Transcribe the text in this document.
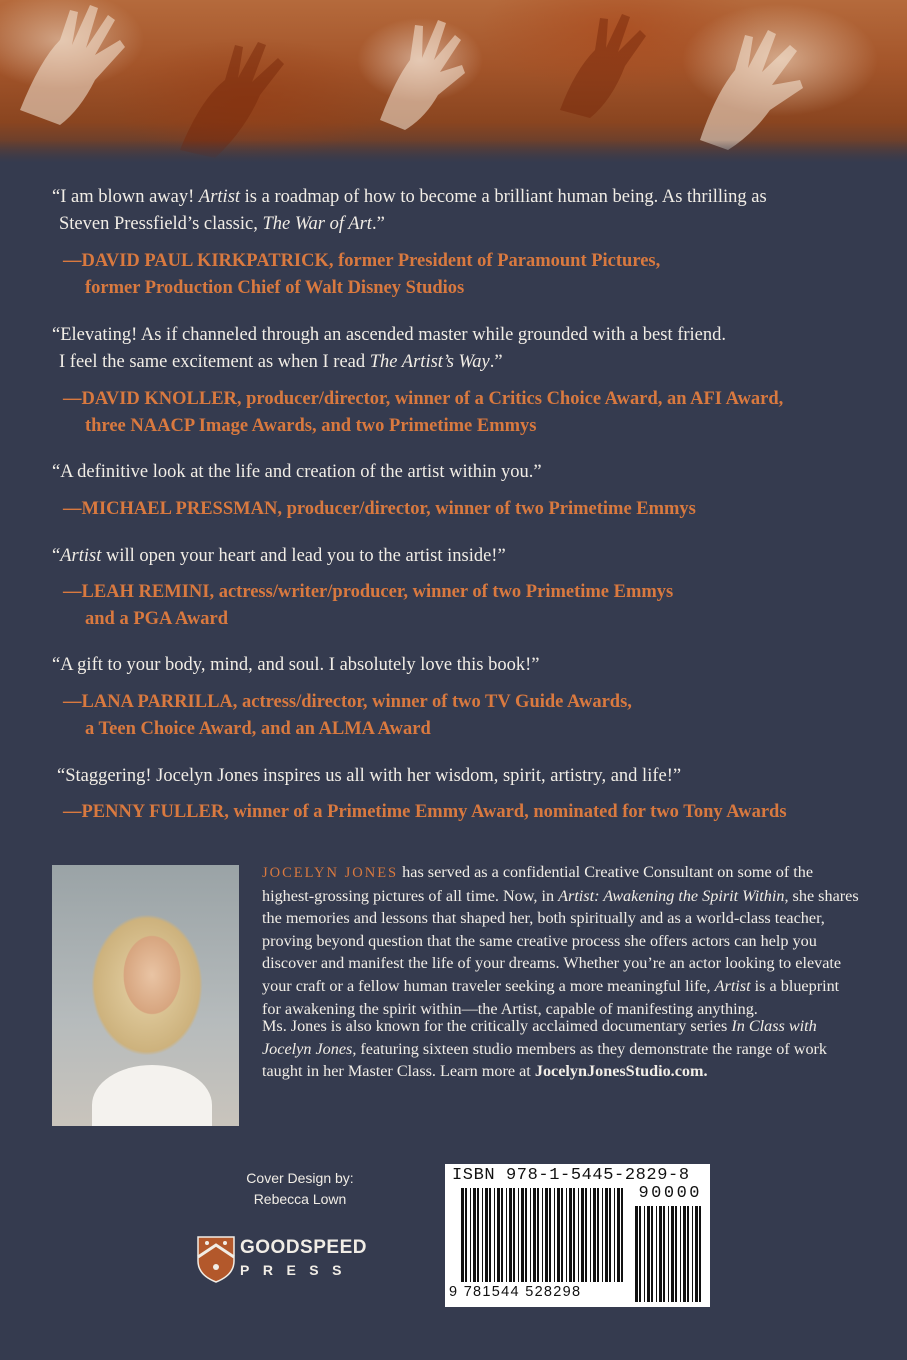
“I am blown away! Artist is a roadmap of how to become a brilliant human being. As thrilling as
Steven Pressfield’s classic, The War of Art.”
—DAVID PAUL KIRKPATRICK, former President of Paramount Pictures,
former Production Chief of Walt Disney Studios
“Elevating! As if channeled through an ascended master while grounded with a best friend.
I feel the same excitement as when I read The Artist’s Way.”
—DAVID KNOLLER, producer/director, winner of a Critics Choice Award, an AFI Award,
three NAACP Image Awards, and two Primetime Emmys
“A definitive look at the life and creation of the artist within you.”
—MICHAEL PRESSMAN, producer/director, winner of two Primetime Emmys
“Artist will open your heart and lead you to the artist inside!”
—LEAH REMINI, actress/writer/producer, winner of two Primetime Emmys
and a PGA Award
“A gift to your body, mind, and soul. I absolutely love this book!”
—LANA PARRILLA, actress/director, winner of two TV Guide Awards,
a Teen Choice Award, and an ALMA Award
“Staggering! Jocelyn Jones inspires us all with her wisdom, spirit, artistry, and life!”
—PENNY FULLER, winner of a Primetime Emmy Award, nominated for two Tony Awards
JOCELYN JONES has served as a confidential Creative Consultant on some of the highest-grossing pictures of all time. Now, in Artist: Awakening the Spirit Within, she shares the memories and lessons that shaped her, both spiritually and as a world-class teacher, proving beyond question that the same creative process she offers actors can help you discover and manifest the life of your dreams. Whether you’re an actor looking to elevate your craft or a fellow human traveler seeking a more meaningful life, Artist is a blueprint for awakening the spirit within—the Artist, capable of manifesting anything.
Ms. Jones is also known for the critically acclaimed documentary series In Class with Jocelyn Jones, featuring sixteen studio members as they demonstrate the range of work taught in her Master Class. Learn more at JocelynJonesStudio.com.
Cover Design by:
Rebecca Lown
GOODSPEED
PRESS
ISBN 978-1-5445-2829-8
90000
9 781544 528298
